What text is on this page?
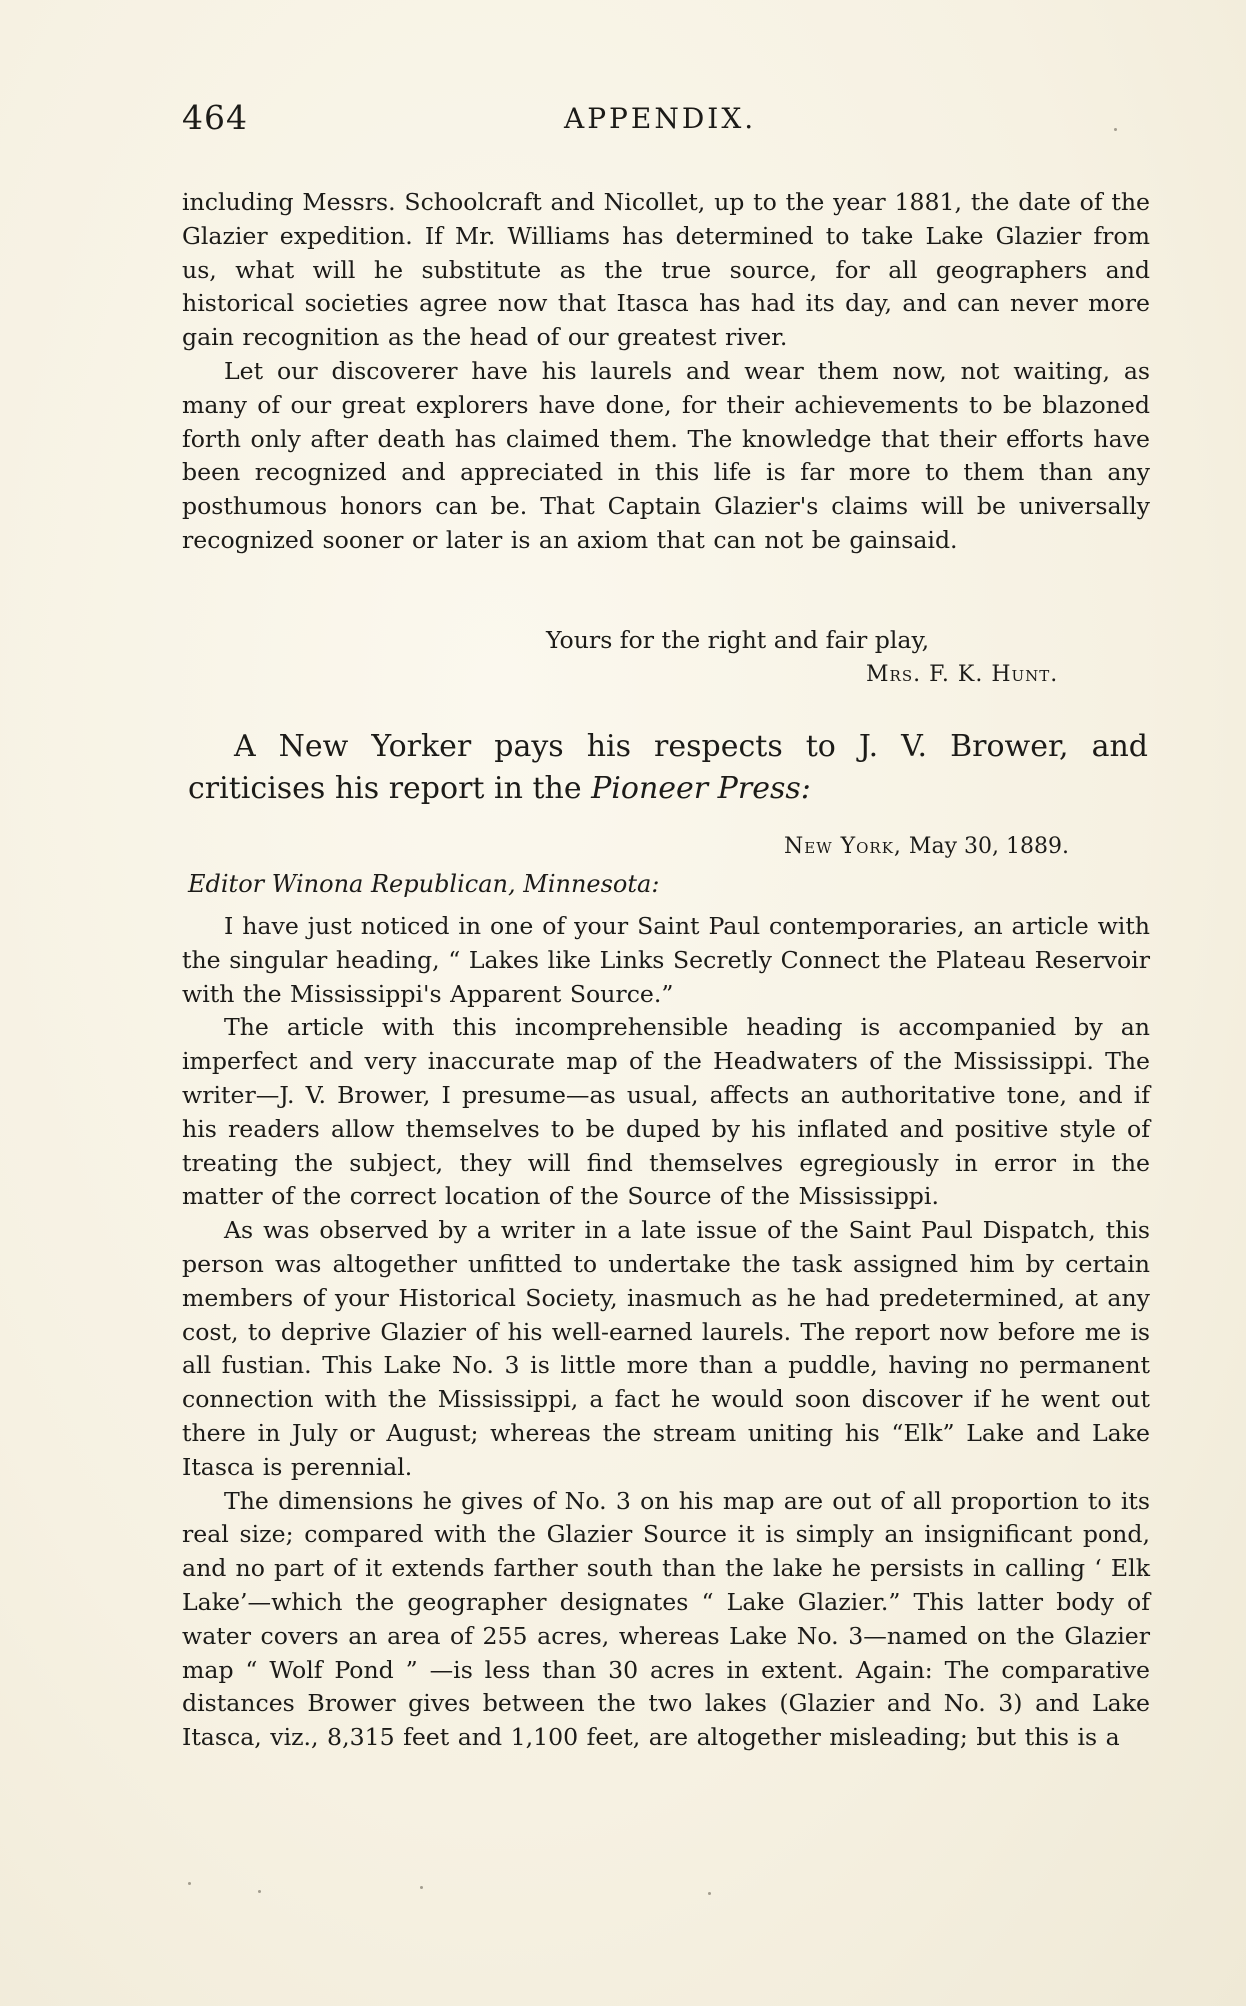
464	APPENDIX.

including Messrs. Schoolcraft and Nicollet, up to the year 1881, the date of the Glazier expedition. If Mr. Williams has determined to take Lake Glazier from us, what will he substitute as the true source, for all geographers and historical societies agree now that Itasca has had its day, and can never more gain recognition as the head of our greatest river.

Let our discoverer have his laurels and wear them now, not waiting, as many of our great explorers have done, for their achievements to be blazoned forth only after death has claimed them. The knowledge that their efforts have been recognized and appreciated in this life is far more to them than any posthumous honors can be. That Captain Glazier's claims will be universally recognized sooner or later is an axiom that can not be gainsaid.

Yours for the right and fair play,
Mrs. F. K. Hunt.

A New Yorker pays his respects to J. V. Brower, and criticises his report in the Pioneer Press:

New York, May 30, 1889.
Editor Winona Republican, Minnesota:

I have just noticed in one of your Saint Paul contemporaries, an article with the singular heading, “ Lakes like Links Secretly Connect the Plateau Reservoir with the Mississippi's Apparent Source.”

The article with this incomprehensible heading is accompanied by an imperfect and very inaccurate map of the Headwaters of the Mississippi. The writer—J. V. Brower, I presume—as usual, affects an authoritative tone, and if his readers allow themselves to be duped by his inflated and positive style of treating the subject, they will find themselves egregiously in error in the matter of the correct location of the Source of the Mississippi.

As was observed by a writer in a late issue of the Saint Paul Dispatch, this person was altogether unfitted to undertake the task assigned him by certain members of your Historical Society, inasmuch as he had predetermined, at any cost, to deprive Glazier of his well-earned laurels. The report now before me is all fustian. This Lake No. 3 is little more than a puddle, having no permanent connection with the Mississippi, a fact he would soon discover if he went out there in July or August; whereas the stream uniting his “Elk” Lake and Lake Itasca is perennial.

The dimensions he gives of No. 3 on his map are out of all proportion to its real size; compared with the Glazier Source it is simply an insignificant pond, and no part of it extends farther south than the lake he persists in calling ‘ Elk Lake’—which the geographer designates “ Lake Glazier.” This latter body of water covers an area of 255 acres, whereas Lake No. 3—named on the Glazier map “ Wolf Pond ” —is less than 30 acres in extent. Again: The comparative distances Brower gives between the two lakes (Glazier and No. 3) and Lake Itasca, viz., 8,315 feet and 1,100 feet, are altogether misleading; but this is a
